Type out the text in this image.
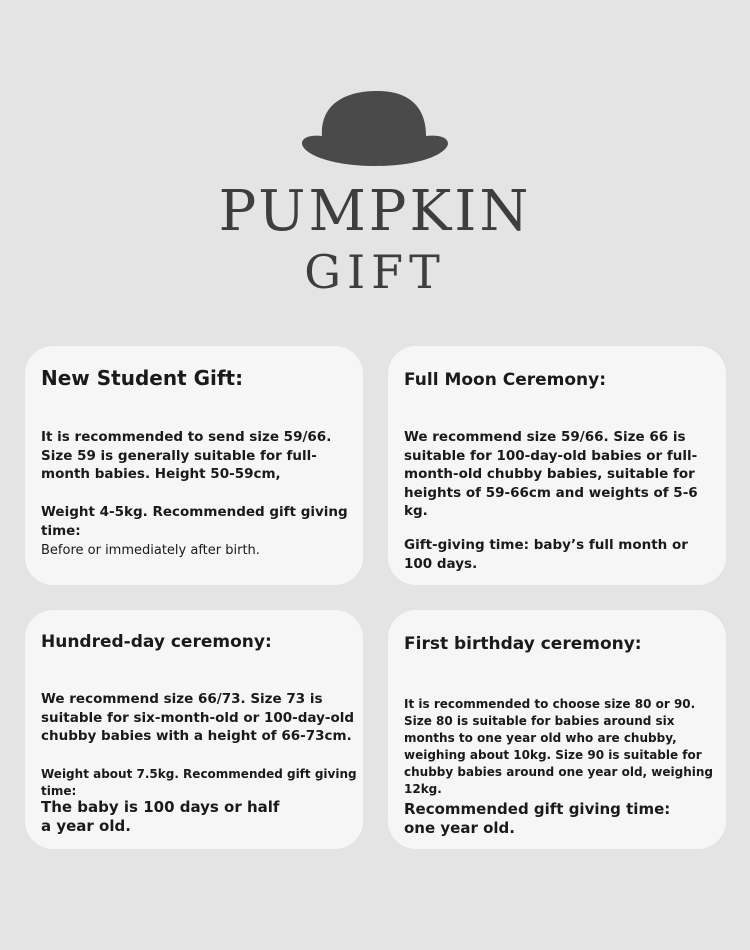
PUMPKIN
GIFT
New Student Gift:
It is recommended to send size 59/66. Size 59 is generally suitable for full-month babies. Height 50-59cm,
Weight 4-5kg. Recommended gift giving time:
Before or immediately after birth.
Full Moon Ceremony:
We recommend size 59/66. Size 66 is suitable for 100-day-old babies or full-month-old chubby babies, suitable for heights of 59-66cm and weights of 5-6 kg.
Gift-giving time: baby’s full month or 100 days.
Hundred-day ceremony:
We recommend size 66/73. Size 73 is suitable for six-month-old or 100-day-old chubby babies with a height of 66-73cm.
Weight about 7.5kg. Recommended gift giving time:
The baby is 100 days or half a year old.
First birthday ceremony:
It is recommended to choose size 80 or 90. Size 80 is suitable for babies around six months to one year old who are chubby, weighing about 10kg. Size 90 is suitable for chubby babies around one year old, weighing 12kg.
Recommended gift giving time: one year old.
